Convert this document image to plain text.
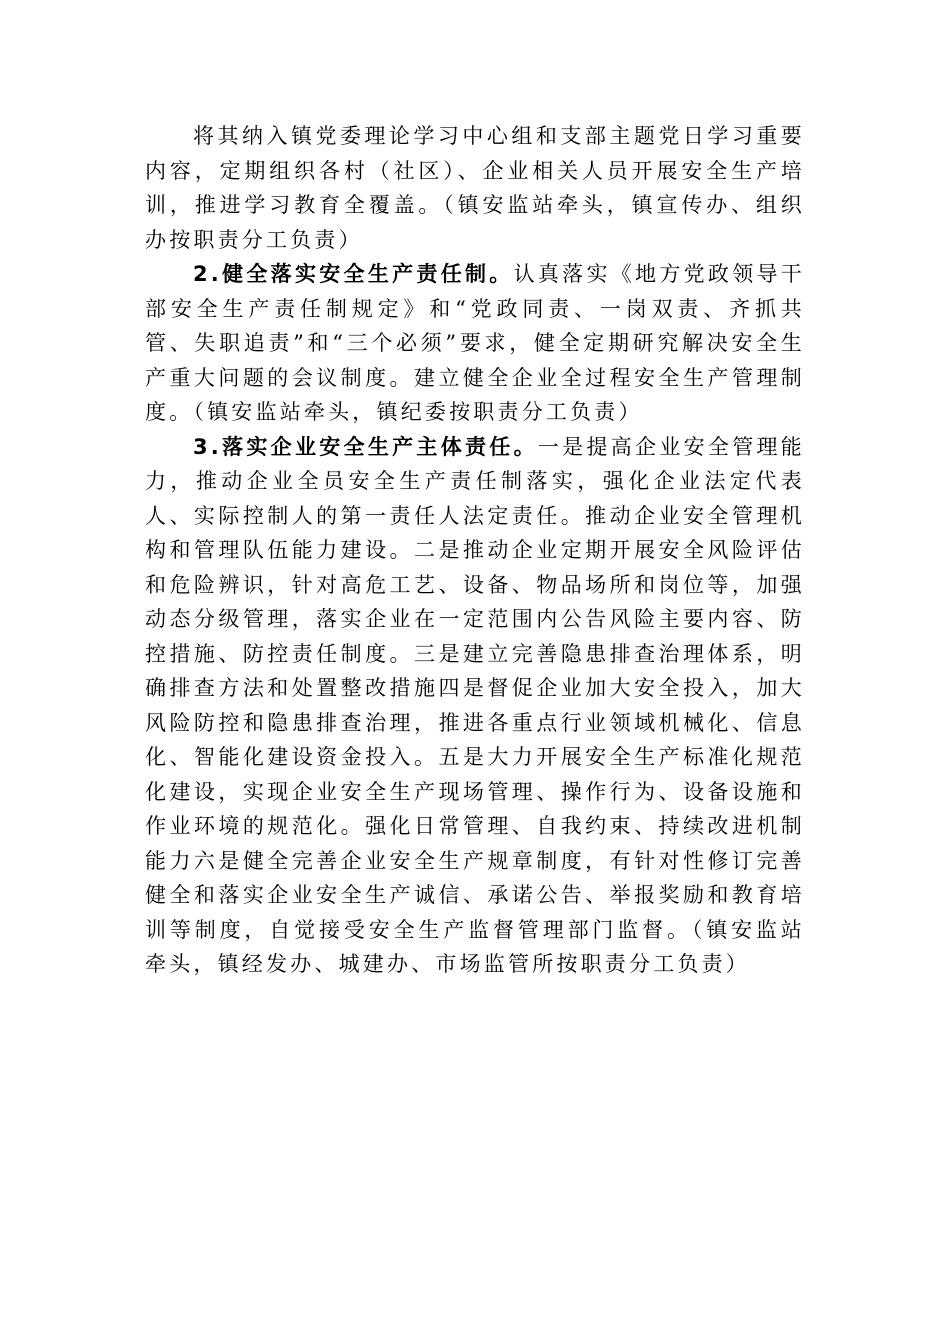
将其纳入镇党委理论学习中心组和支部主题党日学习重要内容，定期组织各村（社区）、企业相关人员开展安全生产培训，推进学习教育全覆盖。（镇安监站牵头，镇宣传办、组织办按职责分工负责）

2.健全落实安全生产责任制。认真落实《地方党政领导干部安全生产责任制规定》和“党政同责、一岗双责、齐抓共管、失职追责”和“三个必须”要求，健全定期研究解决安全生产重大问题的会议制度。建立健全企业全过程安全生产管理制度。（镇安监站牵头，镇纪委按职责分工负责）

3.落实企业安全生产主体责任。一是提高企业安全管理能力，推动企业全员安全生产责任制落实，强化企业法定代表人、实际控制人的第一责任人法定责任。推动企业安全管理机构和管理队伍能力建设。二是推动企业定期开展安全风险评估和危险辨识，针对高危工艺、设备、物品场所和岗位等，加强动态分级管理，落实企业在一定范围内公告风险主要内容、防控措施、防控责任制度。三是建立完善隐患排查治理体系，明确排查方法和处置整改措施四是督促企业加大安全投入，加大风险防控和隐患排查治理，推进各重点行业领域机械化、信息化、智能化建设资金投入。五是大力开展安全生产标准化规范化建设，实现企业安全生产现场管理、操作行为、设备设施和作业环境的规范化。强化日常管理、自我约束、持续改进机制能力六是健全完善企业安全生产规章制度，有针对性修订完善健全和落实企业安全生产诚信、承诺公告、举报奖励和教育培训等制度，自觉接受安全生产监督管理部门监督。（镇安监站牵头，镇经发办、城建办、市场监管所按职责分工负责）
